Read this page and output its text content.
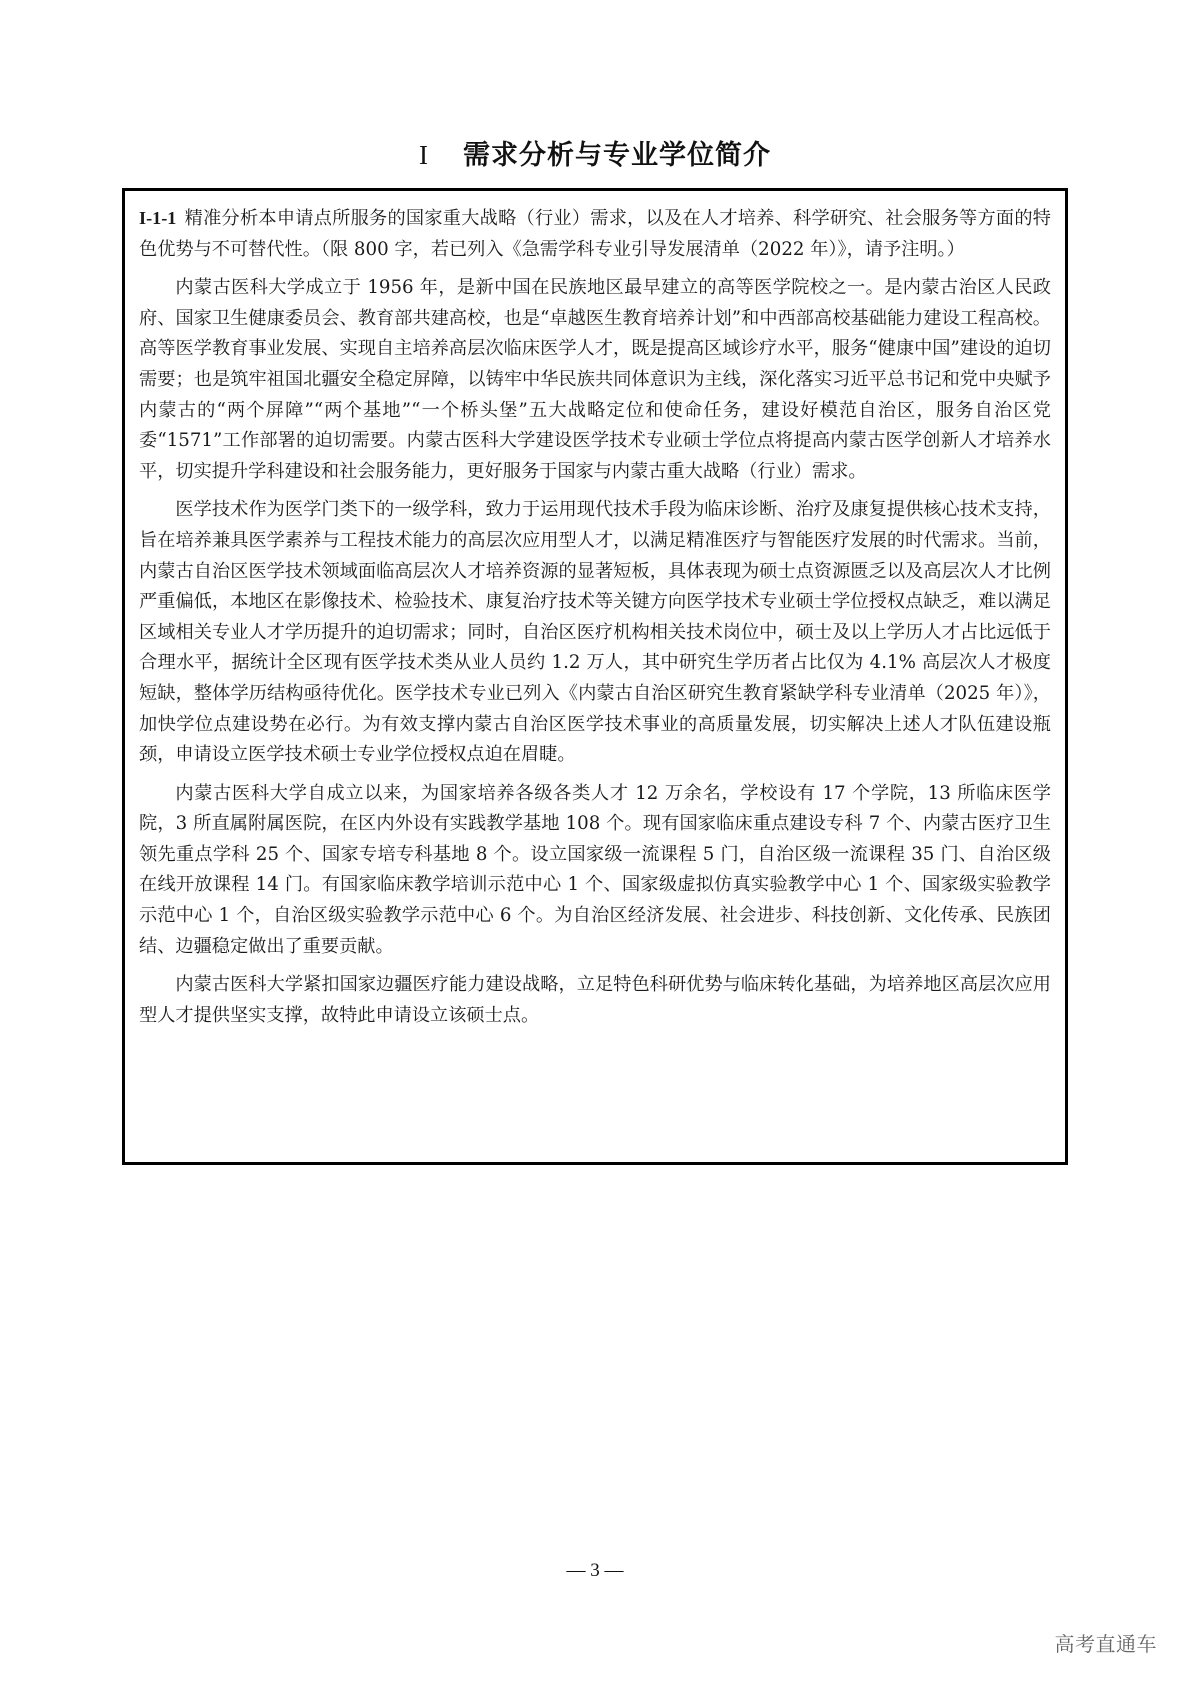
I 需求分析与专业学位简介

I-1-1 精准分析本申请点所服务的国家重大战略（行业）需求，以及在人才培养、科学研究、社会服务等方面的特色优势与不可替代性。（限 800 字，若已列入《急需学科专业引导发展清单（2022 年）》，请予注明。）

内蒙古医科大学成立于 1956 年，是新中国在民族地区最早建立的高等医学院校之一。是内蒙古治区人民政府、国家卫生健康委员会、教育部共建高校，也是“卓越医生教育培养计划”和中西部高校基础能力建设工程高校。高等医学教育事业发展、实现自主培养高层次临床医学人才，既是提高区域诊疗水平，服务“健康中国”建设的迫切需要；也是筑牢祖国北疆安全稳定屏障，以铸牢中华民族共同体意识为主线，深化落实习近平总书记和党中央赋予内蒙古的“两个屏障”“两个基地”“一个桥头堡”五大战略定位和使命任务，建设好模范自治区，服务自治区党委“1571”工作部署的迫切需要。内蒙古医科大学建设医学技术专业硕士学位点将提高内蒙古医学创新人才培养水平，切实提升学科建设和社会服务能力，更好服务于国家与内蒙古重大战略（行业）需求。

医学技术作为医学门类下的一级学科，致力于运用现代技术手段为临床诊断、治疗及康复提供核心技术支持，旨在培养兼具医学素养与工程技术能力的高层次应用型人才，以满足精准医疗与智能医疗发展的时代需求。当前，内蒙古自治区医学技术领域面临高层次人才培养资源的显著短板，具体表现为硕士点资源匮乏以及高层次人才比例严重偏低，本地区在影像技术、检验技术、康复治疗技术等关键方向医学技术专业硕士学位授权点缺乏，难以满足区域相关专业人才学历提升的迫切需求；同时，自治区医疗机构相关技术岗位中，硕士及以上学历人才占比远低于合理水平，据统计全区现有医学技术类从业人员约 1.2 万人，其中研究生学历者占比仅为 4.1% 高层次人才极度短缺，整体学历结构亟待优化。医学技术专业已列入《内蒙古自治区研究生教育紧缺学科专业清单（2025 年）》，加快学位点建设势在必行。为有效支撑内蒙古自治区医学技术事业的高质量发展，切实解决上述人才队伍建设瓶颈，申请设立医学技术硕士专业学位授权点迫在眉睫。

内蒙古医科大学自成立以来，为国家培养各级各类人才 12 万余名，学校设有 17 个学院，13 所临床医学院，3 所直属附属医院，在区内外设有实践教学基地 108 个。现有国家临床重点建设专科 7 个、内蒙古医疗卫生领先重点学科 25 个、国家专培专科基地 8 个。设立国家级一流课程 5 门，自治区级一流课程 35 门、自治区级在线开放课程 14 门。有国家临床教学培训示范中心 1 个、国家级虚拟仿真实验教学中心 1 个、国家级实验教学示范中心 1 个，自治区级实验教学示范中心 6 个。为自治区经济发展、社会进步、科技创新、文化传承、民族团结、边疆稳定做出了重要贡献。

内蒙古医科大学紧扣国家边疆医疗能力建设战略，立足特色科研优势与临床转化基础，为培养地区高层次应用型人才提供坚实支撑，故特此申请设立该硕士点。

— 3 —
高考直通车
